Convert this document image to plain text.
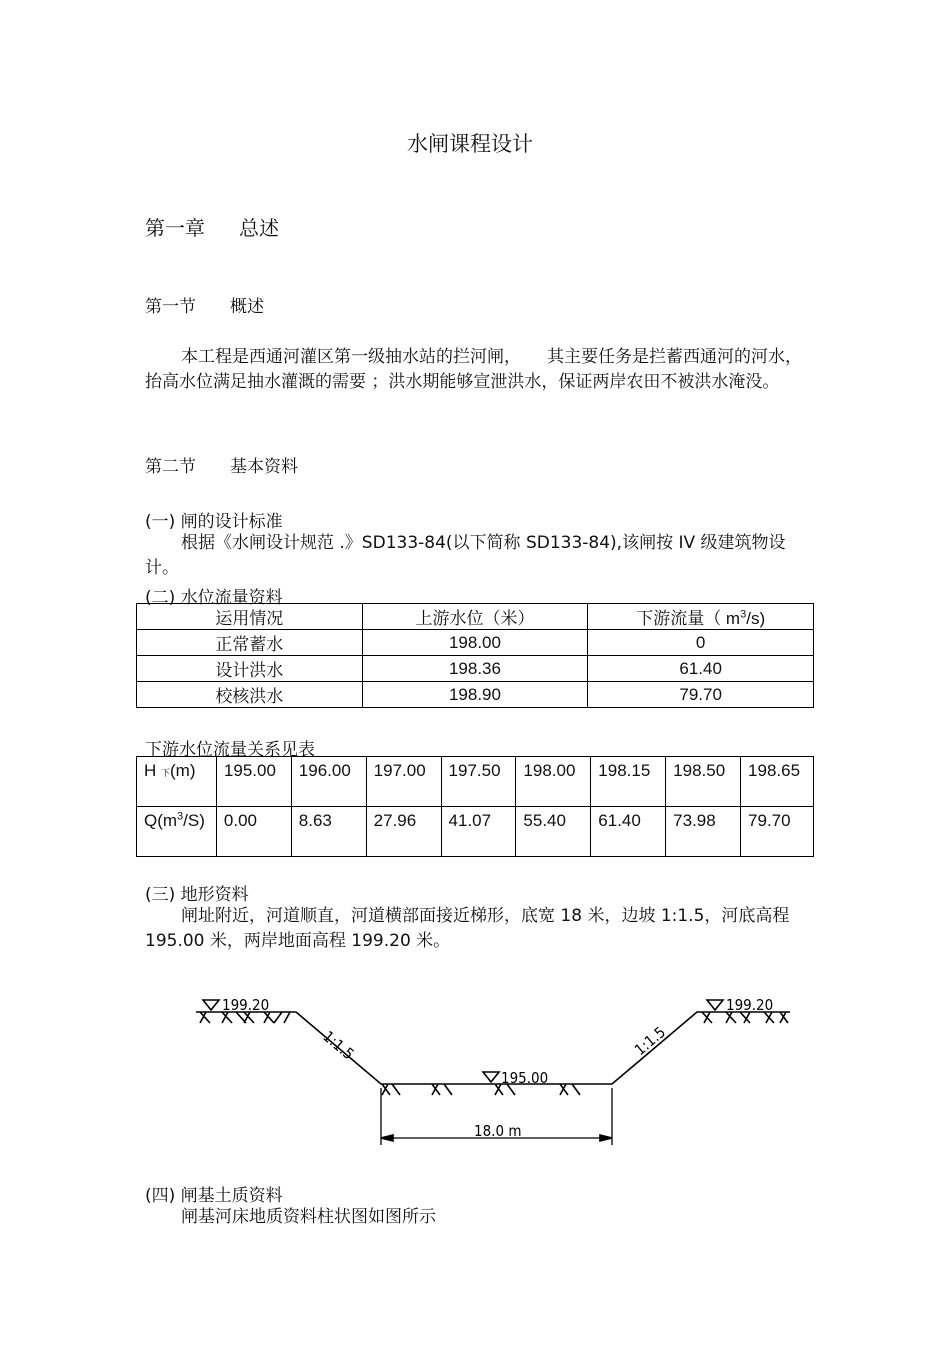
水闸课程设计
第一章 总述
第一节 概述
本工程是西通河灌区第一级抽水站的拦河闸， 其主要任务是拦蓄西通河的河水，抬高水位满足抽水灌溉的需要 ；洪水期能够宣泄洪水，保证两岸农田不被洪水淹没。
第二节 基本资料
(一) 闸的设计标准
根据《水闸设计规范 .》SD133-84(以下简称 SD133-84),该闸按 IV 级建筑物设计。
(二) 水位流量资料
运用情况	上游水位（米）	下游流量（ $m^3/s$)
正常蓄水	198.00	0
设计洪水	198.36	61.40
校核洪水	198.90	79.70
下游水位流量关系见表
H 下(m)	195.00	196.00	197.00	197.50	198.00	198.15	198.50	198.65
$Q(m^3/S)$	0.00	8.63	27.96	41.07	55.40	61.40	73.98	79.70
(三) 地形资料
闸址附近，河道顺直，河道横部面接近梯形，底宽 18 米，边坡 1:1.5，河底高程 195.00 米，两岸地面高程 199.20 米。
199.20	199.20
195.00
1:1.5	1:1.5
18.0 m
(四) 闸基土质资料
闸基河床地质资料柱状图如图所示
